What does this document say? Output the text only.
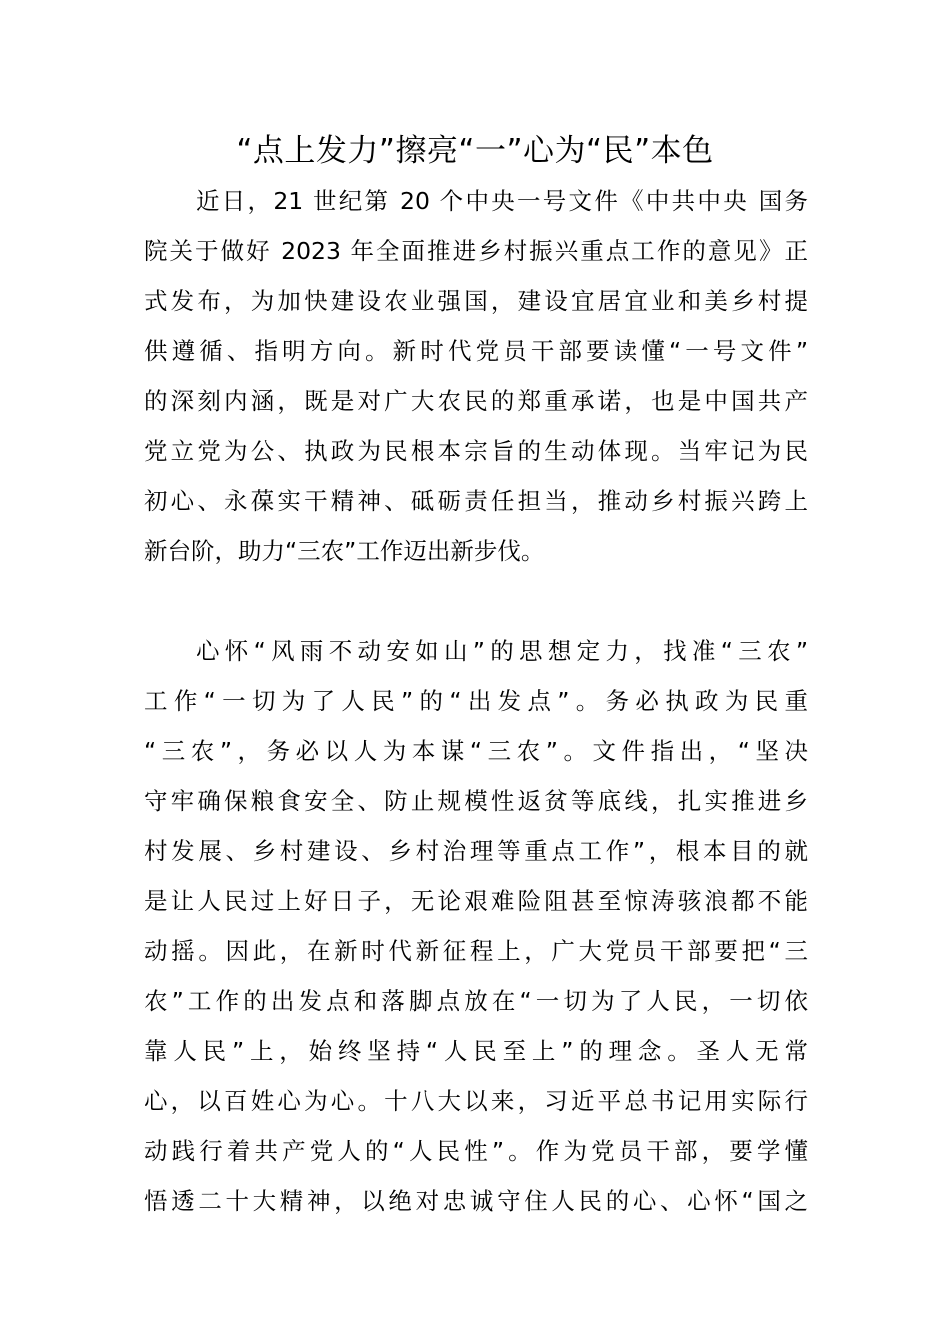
“点上发力”擦亮“一”心为“民”本色
近日，21 世纪第 20 个中央一号文件《中共中央 国务
院关于做好 2023 年全面推进乡村振兴重点工作的意见》正
式发布，为加快建设农业强国，建设宜居宜业和美乡村提
供遵循、指明方向。新时代党员干部要读懂“一号文件”
的深刻内涵，既是对广大农民的郑重承诺，也是中国共产
党立党为公、执政为民根本宗旨的生动体现。当牢记为民
初心、永葆实干精神、砥砺责任担当，推动乡村振兴跨上
新台阶，助力“三农”工作迈出新步伐。
心怀“风雨不动安如山”的思想定力，找准“三农”
工作“一切为了人民”的“出发点”。务必执政为民重
“三农”，务必以人为本谋“三农”。文件指出，“坚决
守牢确保粮食安全、防止规模性返贫等底线，扎实推进乡
村发展、乡村建设、乡村治理等重点工作”，根本目的就
是让人民过上好日子，无论艰难险阻甚至惊涛骇浪都不能
动摇。因此，在新时代新征程上，广大党员干部要把“三
农”工作的出发点和落脚点放在“一切为了人民，一切依
靠人民”上，始终坚持“人民至上”的理念。圣人无常
心，以百姓心为心。十八大以来，习近平总书记用实际行
动践行着共产党人的“人民性”。作为党员干部，要学懂
悟透二十大精神，以绝对忠诚守住人民的心、心怀“国之
